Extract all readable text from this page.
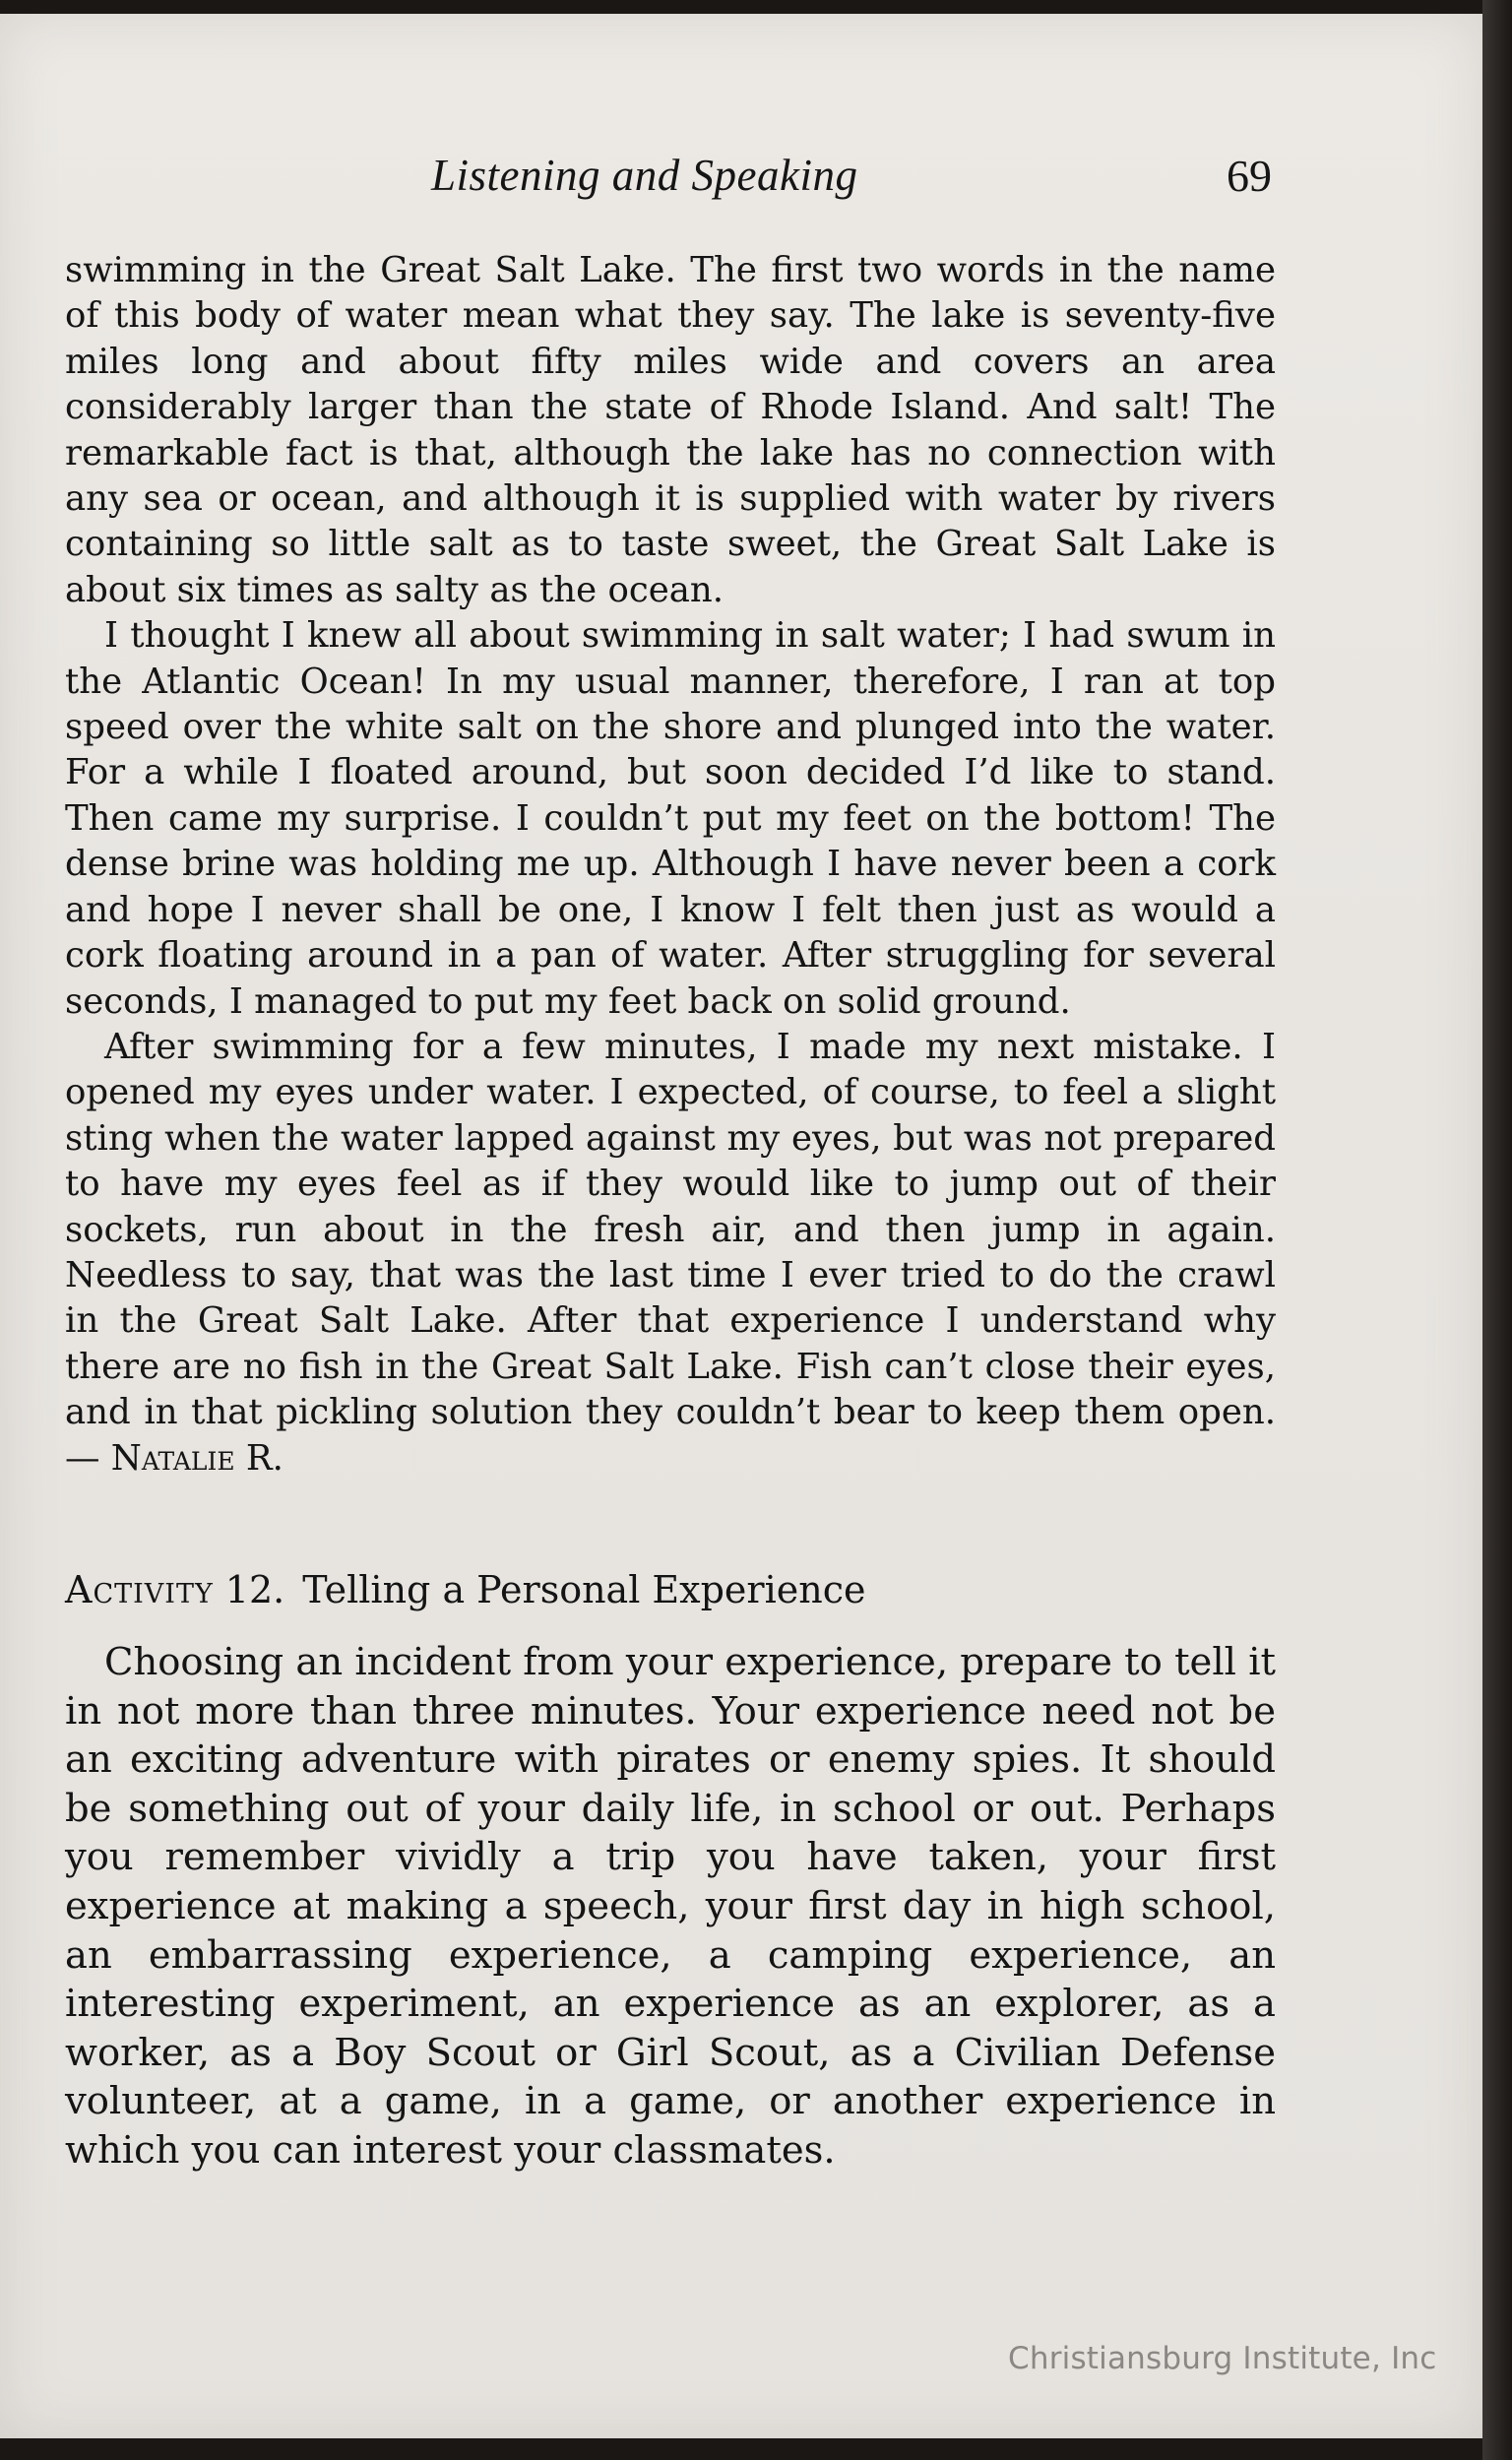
Listening and Speaking	69

swimming in the Great Salt Lake. The first two words in the name of this body of water mean what they say. The lake is seventy-five miles long and about fifty miles wide and covers an area considerably larger than the state of Rhode Island. And salt! The remarkable fact is that, although the lake has no connection with any sea or ocean, and although it is supplied with water by rivers containing so little salt as to taste sweet, the Great Salt Lake is about six times as salty as the ocean.

I thought I knew all about swimming in salt water; I had swum in the Atlantic Ocean! In my usual manner, therefore, I ran at top speed over the white salt on the shore and plunged into the water. For a while I floated around, but soon decided I’d like to stand. Then came my surprise. I couldn’t put my feet on the bottom! The dense brine was holding me up. Although I have never been a cork and hope I never shall be one, I know I felt then just as would a cork floating around in a pan of water. After struggling for several seconds, I managed to put my feet back on solid ground.

After swimming for a few minutes, I made my next mistake. I opened my eyes under water. I expected, of course, to feel a slight sting when the water lapped against my eyes, but was not prepared to have my eyes feel as if they would like to jump out of their sockets, run about in the fresh air, and then jump in again. Needless to say, that was the last time I ever tried to do the crawl in the Great Salt Lake. After that experience I understand why there are no fish in the Great Salt Lake. Fish can’t close their eyes, and in that pickling solution they couldn’t bear to keep them open. — Natalie R.

Activity 12. Telling a Personal Experience

Choosing an incident from your experience, prepare to tell it in not more than three minutes. Your experience need not be an exciting adventure with pirates or enemy spies. It should be something out of your daily life, in school or out. Perhaps you remember vividly a trip you have taken, your first experience at making a speech, your first day in high school, an embarrassing experience, a camping experience, an interesting experiment, an experience as an explorer, as a worker, as a Boy Scout or Girl Scout, as a Civilian Defense volunteer, at a game, in a game, or another experience in which you can interest your classmates.

Christiansburg Institute, Inc
